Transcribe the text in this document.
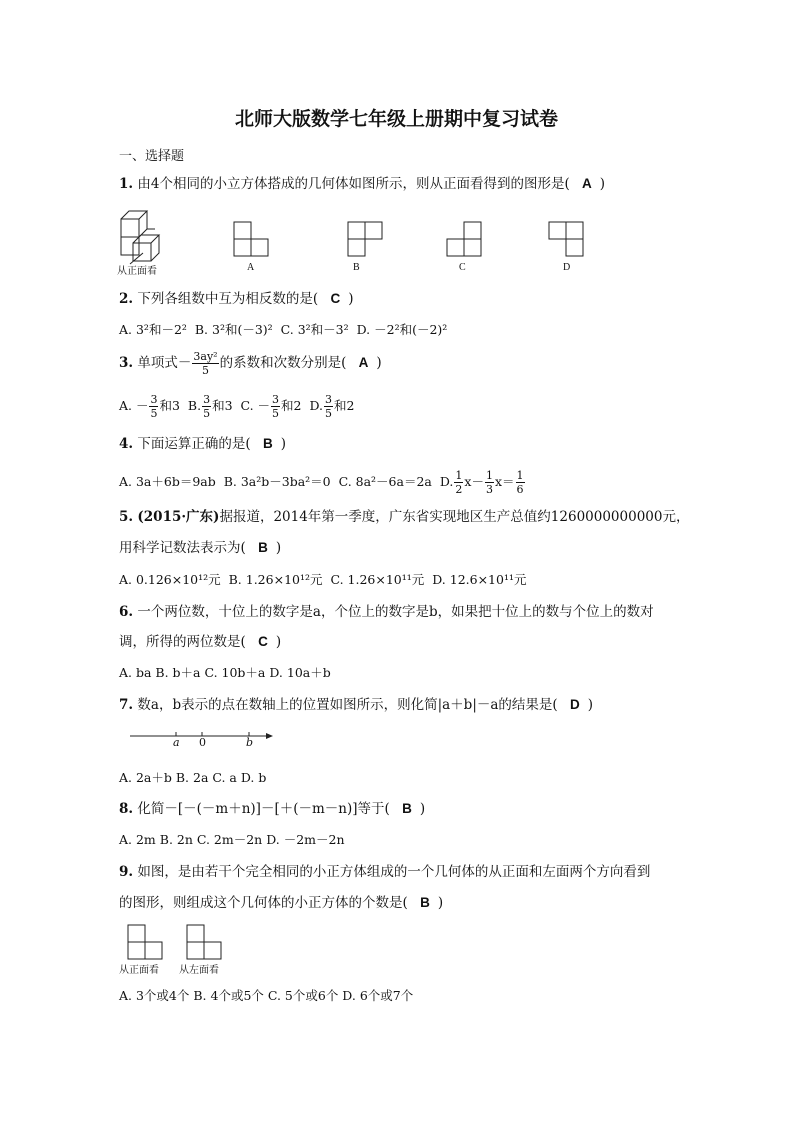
北师大版数学七年级上册期中复习试卷
一、选择题
1. 由4个相同的小立方体搭成的几何体如图所示，则从正面看得到的图形是( A )
从正面看	A	B	C	D
2. 下列各组数中互为相反数的是( C )
A. 3²和－2² B. 3²和(－3)² C. 3²和－3² D. －2²和(－2)²
3. 单项式－ $\frac{\text{3ay²}}{5}$ 的系数和次数分别是( A )
A. － $\frac{3}{5}$ 和3 B. $\frac{3}{5}$ 和3 C. － $\frac{3}{5}$ 和2 D. $\frac{3}{5}$ 和2
4. 下面运算正确的是( B )
A. 3a＋6b＝9ab B. 3a²b－3ba²＝0 C. 8a²－6a＝2a D. $\frac{1}{2} x- \frac{1}{3} x= \frac{1}{6}$
5. (2015·广东)据报道，2014年第一季度，广东省实现地区生产总值约1260000000000元，
用科学记数法表示为( B )
A. 0.126×10¹²元 B. 1.26×10¹²元 C. 1.26×10¹¹元 D. 12.6×10¹¹元
6. 一个两位数，十位上的数字是a，个位上的数字是b，如果把十位上的数与个位上的数对
调，所得的两位数是( C )
A. ba B. b＋a C. 10b＋a D. 10a＋b
7. 数a，b表示的点在数轴上的位置如图所示，则化简|a＋b|－a的结果是( D )
a 0	b
A. 2a＋b B. 2a C. a D. b
8. 化简－[－(－m＋n)]－[＋(－m－n)]等于( B )
A. 2m B. 2n C. 2m－2n D. －2m－2n
9. 如图，是由若干个完全相同的小正方体组成的一个几何体的从正面和左面两个方向看到
的图形，则组成这个几何体的小正方体的个数是( B )
从正面看 从左面看
A. 3个或4个 B. 4个或5个 C. 5个或6个 D. 6个或7个
